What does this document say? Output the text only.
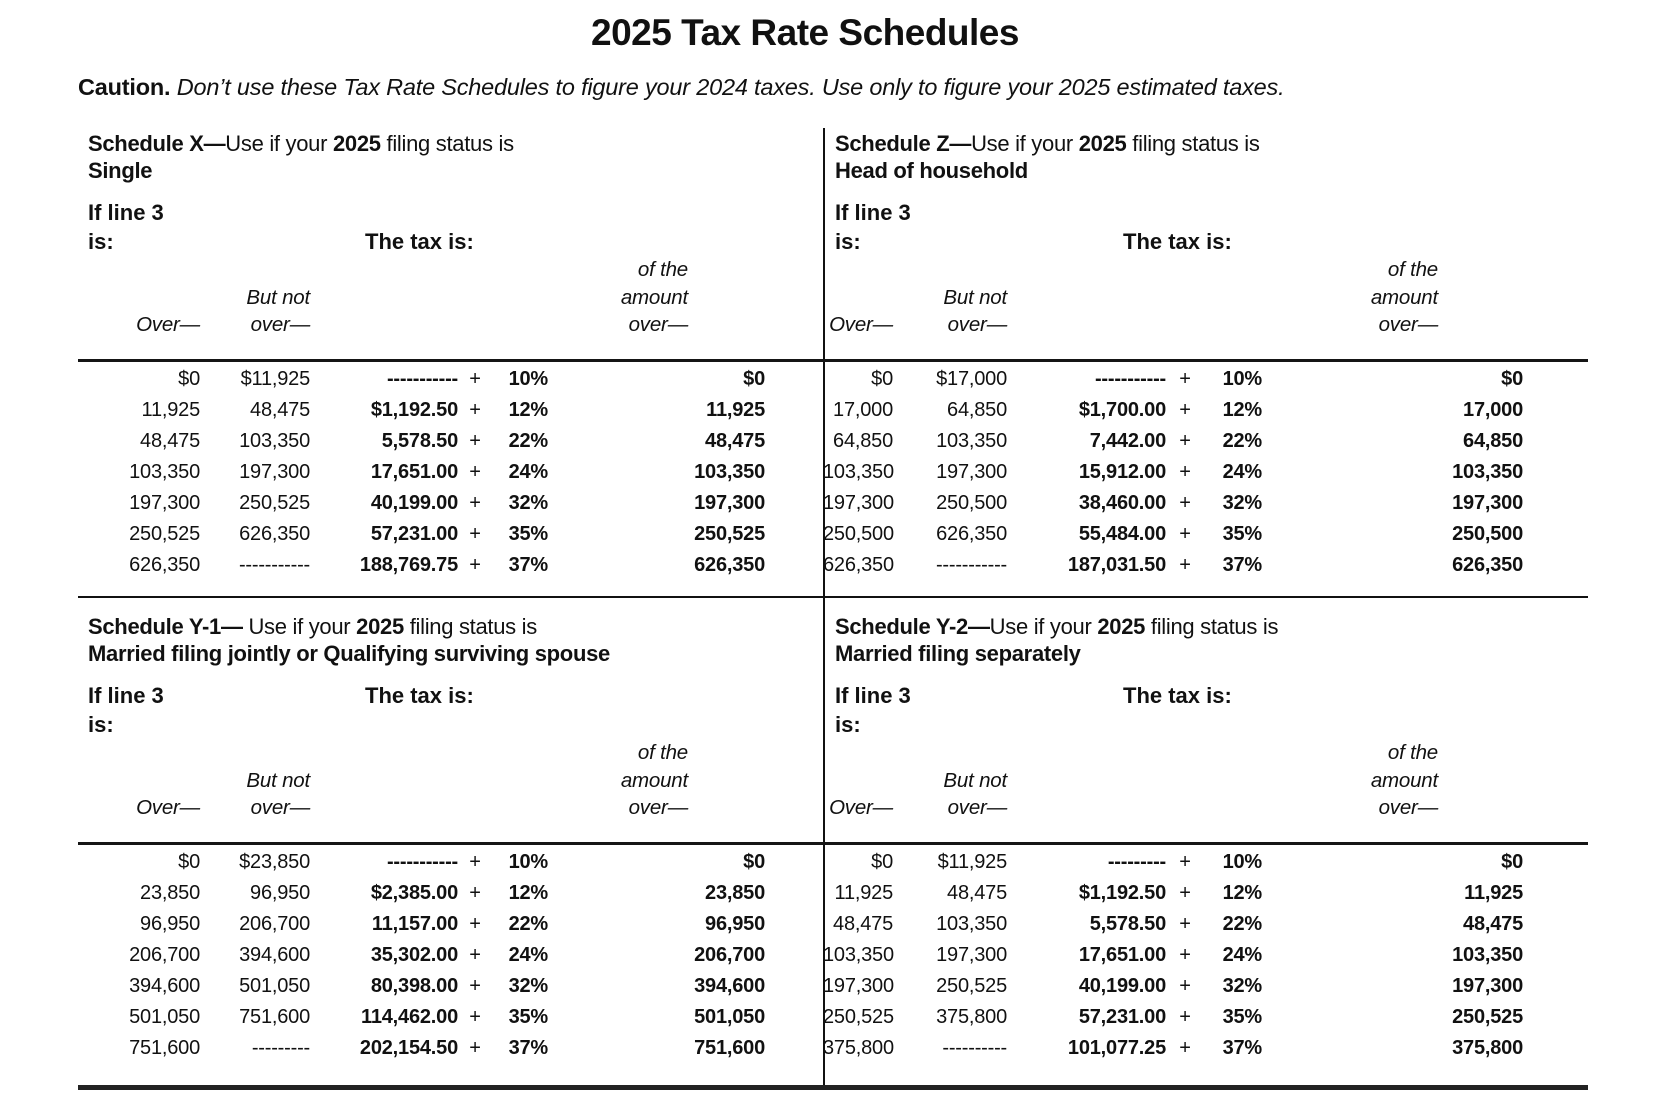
2025 Tax Rate Schedules

Caution. Don’t use these Tax Rate Schedules to figure your 2024 taxes. Use only to figure your 2025 estimated taxes.

Schedule X—Use if your 2025 filing status is
Single
If line 3
is:	The tax is:
Over—
But not
over—
of the
amount
over—
$0	$11,925	----------- +	10%	$0
11,925	48,475	$1,192.50 +	12%	11,925
48,475	103,350	5,578.50 +	22%	48,475
103,350	197,300	17,651.00 +	24%	103,350
197,300	250,525	40,199.00 +	32%	197,300
250,525	626,350	57,231.00 +	35%	250,525
626,350	-----------	188,769.75 +	37%	626,350
Schedule Z—Use if your 2025 filing status is
Head of household
If line 3
is:	The tax is:
Over—
But not
over—
of the
amount
over—
$0	$17,000	----------- +	10%	$0
17,000	64,850	$1,700.00 +	12%	17,000
64,850	103,350	7,442.00 +	22%	64,850
103,350	197,300	15,912.00 +	24%	103,350
197,300	250,500	38,460.00 +	32%	197,300
250,500	626,350	55,484.00 +	35%	250,500
626,350	-----------	187,031.50 +	37%	626,350
Schedule Y-1— Use if your 2025 filing status is
Married filing jointly or Qualifying surviving spouse
If line 3
is:
The tax is:
Over—
But not
over—
of the
amount
over—
$0	$23,850	----------- +	10%	$0
23,850	96,950	$2,385.00 +	12%	23,850
96,950	206,700	11,157.00 +	22%	96,950
206,700	394,600	35,302.00 +	24%	206,700
394,600	501,050	80,398.00 +	32%	394,600
501,050	751,600	114,462.00 +	35%	501,050
751,600	---------	202,154.50 +	37%	751,600
Schedule Y-2—Use if your 2025 filing status is
Married filing separately
If line 3
is:
The tax is:
Over—
But not
over—
of the
amount
over—
$0	$11,925	--------- +	10%	$0
11,925	48,475	$1,192.50 +	12%	11,925
48,475	103,350	5,578.50 +	22%	48,475
103,350	197,300	17,651.00 +	24%	103,350
197,300	250,525	40,199.00 +	32%	197,300
250,525	375,800	57,231.00 +	35%	250,525
375,800	----------	101,077.25 +	37%	375,800
